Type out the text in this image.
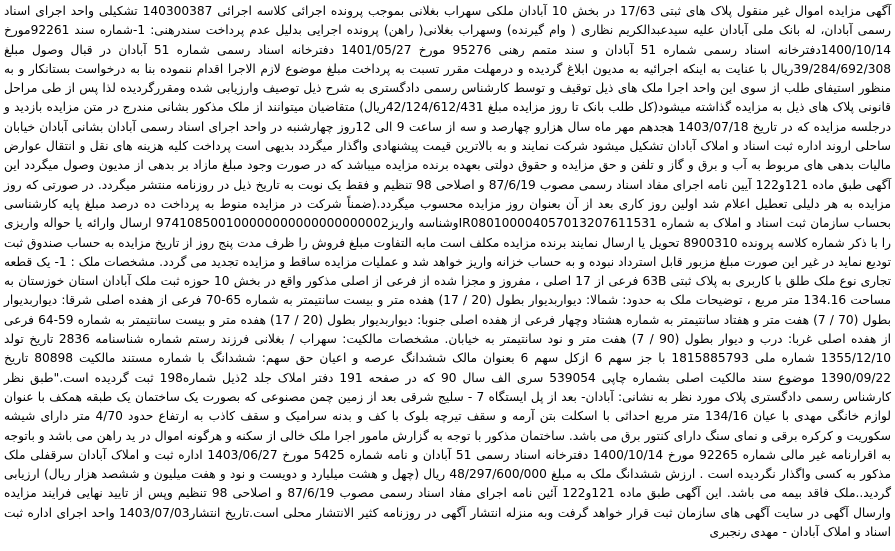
آگهی مزایده اموال غیر منقول پلاک های ثبتی 17/63 در بخش 10 آبادان ملکی سهراب بغلانی بموجب پرونده اجرائی کلاسه اجرائی 140300387 تشکیلی واحد اجرای اسناد رسمی آبادان، له بانک ملی آبادان علیه سیدعبدالکریم نظاری ( وام گیرنده) وسهراب بغلانی( راهن) پرونده اجرایی بدلیل عدم پرداخت سندرهنی: 1-شماره سند 92261مورخ 1400/10/14دفترخانه اسناد رسمی شماره 51 آبادان و سند متمم رهنی 95276 مورخ 1401/05/27 دفترخانه اسناد رسمی شماره 51 آبادان در قبال وصول مبلغ 39/284/692/308ریال با عنایت به اینکه اجرائیه به مدیون ابلاغ گردیده و درمهلت مقرر تسبت به پرداخت مبلغ موضوع لازم الاجرا اقدام ننموده بنا به درخواست بستانکار و به منظور استیفای طلب از سوی این واحد اجرا ملک های ذیل توقیف و توسط کارشناس رسمی دادگستری به شرح ذیل توصیف وارزیابی شده ومقررگردیده لذا پس از طی مراحل قانونی پلاک های ذیل به مزایده گذاشته میشود(کل طلب بانک تا روز مزایده مبلغ 42/124/612/431ریال) متقاضیان میتوانند از ملک مذکور بشانی مندرج در متن مزایده بازدید و درجلسه مزایده که در تاریخ 1403/07/18 هجدهم مهر ماه سال هزارو چهارصد و سه از ساعت 9 الی 12روز چهارشنبه در واحد اجرای اسناد رسمی آبادان بشانی آبادان خیابان ساحلی اروند اداره ثبت اسناد و املاک آبادان تشکیل میشود شرکت نمایند و به بالاترین قیمت پیشنهادی واگذار میگردد بدیهی است پرداخت کلیه هزینه های نقل و انتقال عوارض مالیات بدهی های مربوط به آب و برق و گاز و تلفن و حق مزایده و حقوق دولتی بعهده برنده مزایده میباشد که در صورت وجود مبلغ مازاد بر بدهی از مدیون وصول میگردد این آگهی طبق ماده 121و122 آیین نامه اجرای مفاد اسناد رسمی مصوب 87/6/19 و اصلاحی 98 تنظیم و فقط یک نوبت به تاریخ ذیل در روزنامه منتشر میگردد. در صورتی که روز مزایده به هر دلیلی تعطیل اعلام شد اولین روز کاری بعد از آن بعنوان روز مزایده محسوب میگردد.(ضمناً شرکت در مزایده منوط به پرداخت ده درصد مبلغ پایه کارشناسی بحساب سازمان ثبت اسناد و املاک به شماره IR080100004057013207611531وشناسه واریز974108500100000000000000000002 ارسال وارائه یا حواله واریزی را با ذکر شماره کلاسه پرونده 8900310 تحویل یا ارسال نمایند برنده مزایده مکلف است مابه التفاوت مبلغ فروش را ظرف مدت پنج روز از تاریخ مزایده به حساب صندوق ثبت تودیع نماید در غیر این صورت مبلغ مزبور قابل استرداد نبوده و به حساب خزانه واریز خواهد شد و عملیات مزایده ساقط و مزایده تجدید می گردد. مشخصات ملک : 1- یک قطعه تجاری نوع ملک طلق با کاربری به پلاک ثبتی 63B فرعی از 17 اصلی ، مفروز و مجزا شده از فرعی از اصلی مذکور واقع در بخش 10 حوزه ثبت ملک آبادان استان خوزستان به مساحت 134.16 متر مربع ، توضیحات ملک به حدود: شمالا: دیواربدیوار بطول (20 / 17) هفده متر و بیست سانتیمتر به شماره 65-70 فرعی از هفده اصلی شرقا: دیواربدیوار بطول (70 / 7) هفت متر و هفتاد سانتیمتر به شماره هشتاد وچهار فرعی از هفده اصلی جنوبا: دیواربدیوار بطول (20 / 17) هفده متر و بیست سانتیمتر به شماره 59-64 فرعی از هفده اصلی غربا: درب و دیوار بطول (90 / 7) هفت متر و نود سانتیمتر به خیابان. مشخصات مالکیت: سهراب / بغلانی فرزند رستم شماره شناسنامه 2836 تاریخ تولد 1355/12/10 شماره ملی 1815885793 با جز سهم 6 ازکل سهم 6 بعنوان مالک ششدانگ عرصه و اعیان حق سهم: ششدانگ با شماره مستند مالکیت 80898 تاریخ 1390/09/22 موضوع سند مالکیت اصلی بشماره چاپی 539054 سری الف سال 90 که در صفحه 191 دفتر املاک جلد 2ذیل شماره198 ثبت گردیده است."طبق نظر کارشناس رسمی دادگستری پلاک مورد نظر به نشانی: آبادان- بعد از پل ایستگاه 7 - سلیج شرقی بعد از زمین چمن مصنوعی که بصورت یک ساختمان یک طبقه همکف با عنوان لوازم خانگی مهدی با عیان 134/16 متر مربع احداثی با اسکلت بتن آرمه و سقف تیرچه بلوک با کف و بدنه سرامیک و سقف کاذب به ارتفاع حدود 4/70 متر دارای شیشه سکوریت و کرکره برقی و نمای سنگ دارای کنتور برق می باشد. ساختمان مذکور با توجه به گزارش مامور اجرا ملک خالی از سکنه و هرگونه اموال در ید راهن می باشد و باتوجه به اقرارنامه غیر مالی شماره 92265 مورخ 1400/10/14 دفترخانه اسناد رسمی 51 آبادان و نامه شماره 5425 مورخ 1403/06/27 اداره ثبت و املاک آبادان سرقفلی ملک مذکور به کسی واگذار نگردیده است . ارزش ششدانگ ملک به مبلغ 48/297/600/000 ریال (چهل و هشت میلیارد و دویست و نود و هفت میلیون و ششصد هزار ریال) ارزیابی گردید..ملک فاقد بیمه می باشد. این آگهی طبق ماده 121و122 آئین نامه اجرای مفاد اسناد رسمی مصوب 87/6/19 و اصلاحی 98 تنظیم وپس از تایید نهایی فرایند مزایده وارسال آگهی در سایت آگهی های سازمان ثبت قرار خواهد گرفت وبه منزله انتشار آگهی در روزنامه کثیر الانتشار محلی است.تاریخ انتشار1403/07/03 واحد اجرای اداره ثبت اسناد و املاک آبادان - مهدی رنجبری
